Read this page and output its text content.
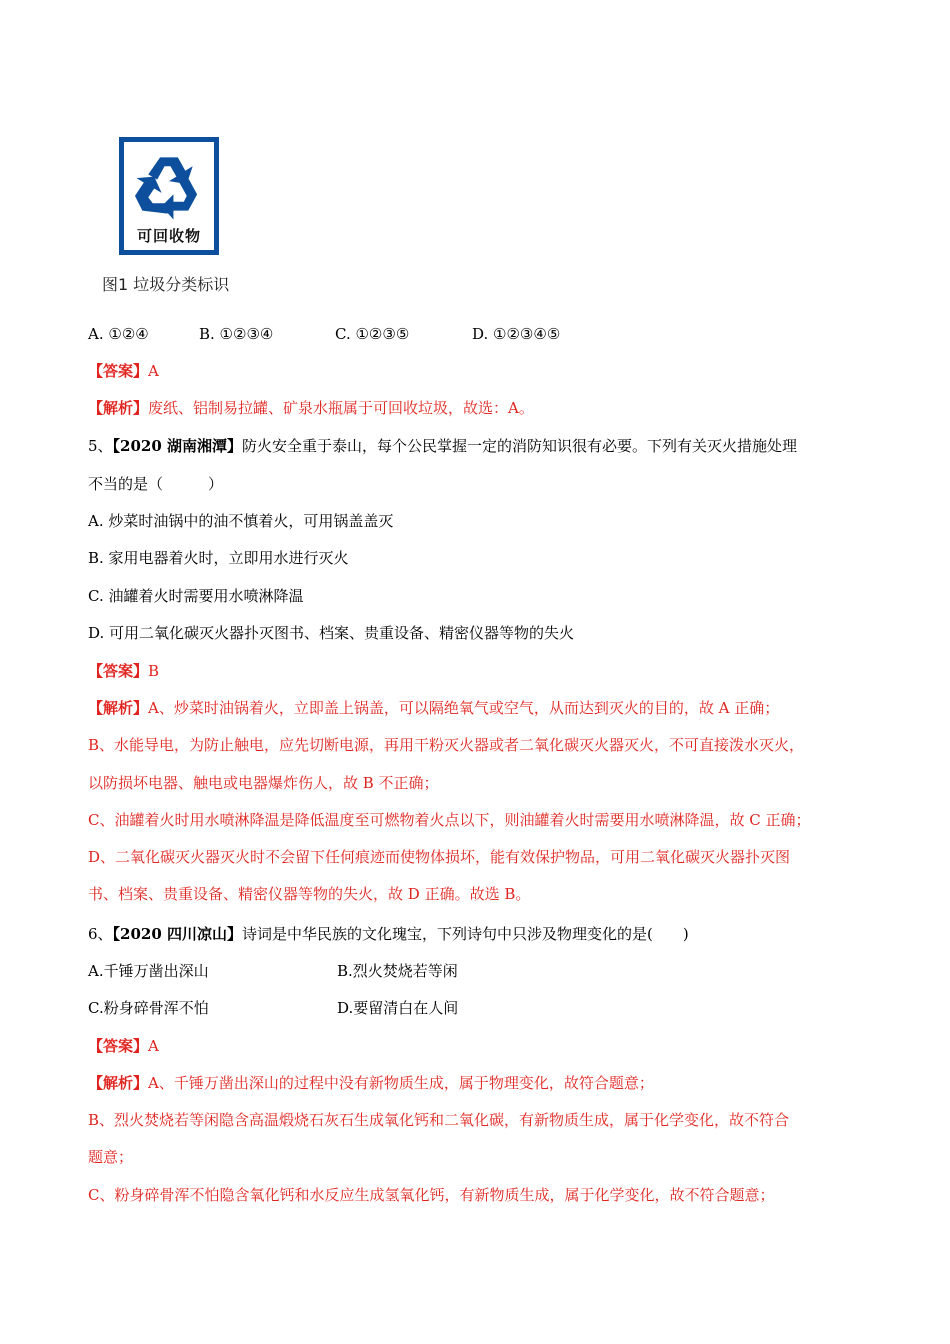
可回收物
图1 垃圾分类标识
A. ①②④	B. ①②③④	C. ①②③⑤	D. ①②③④⑤
【答案】A
【解析】废纸、铝制易拉罐、矿泉水瓶属于可回收垃圾，故选：A。
5、【2020 湖南湘潭】防火安全重于泰山，每个公民掌握一定的消防知识很有必要。下列有关灭火措施处理
不当的是（　　　）
A. 炒菜时油锅中的油不慎着火，可用锅盖盖灭
B. 家用电器着火时，立即用水进行灭火
C. 油罐着火时需要用水喷淋降温
D. 可用二氧化碳灭火器扑灭图书、档案、贵重设备、精密仪器等物的失火
【答案】B
【解析】A、炒菜时油锅着火，立即盖上锅盖，可以隔绝氧气或空气，从而达到灭火的目的，故 A 正确；
B、水能导电，为防止触电，应先切断电源，再用干粉灭火器或者二氧化碳灭火器灭火，不可直接泼水灭火，
以防损坏电器、触电或电器爆炸伤人，故 B 不正确；
C、油罐着火时用水喷淋降温是降低温度至可燃物着火点以下，则油罐着火时需要用水喷淋降温，故 C 正确；
D、二氧化碳灭火器灭火时不会留下任何痕迹而使物体损坏，能有效保护物品，可用二氧化碳灭火器扑灭图
书、档案、贵重设备、精密仪器等物的失火，故 D 正确。故选 B。
6、【2020 四川凉山】诗词是中华民族的文化瑰宝，下列诗句中只涉及物理变化的是(　　)
A.千锤万凿出深山	B.烈火焚烧若等闲
C.粉身碎骨浑不怕	D.要留清白在人间
【答案】A
【解析】A、千锤万凿出深山的过程中没有新物质生成，属于物理变化，故符合题意；
B、烈火焚烧若等闲隐含高温煅烧石灰石生成氧化钙和二氧化碳，有新物质生成，属于化学变化，故不符合
题意；
C、粉身碎骨浑不怕隐含氧化钙和水反应生成氢氧化钙，有新物质生成，属于化学变化，故不符合题意；
